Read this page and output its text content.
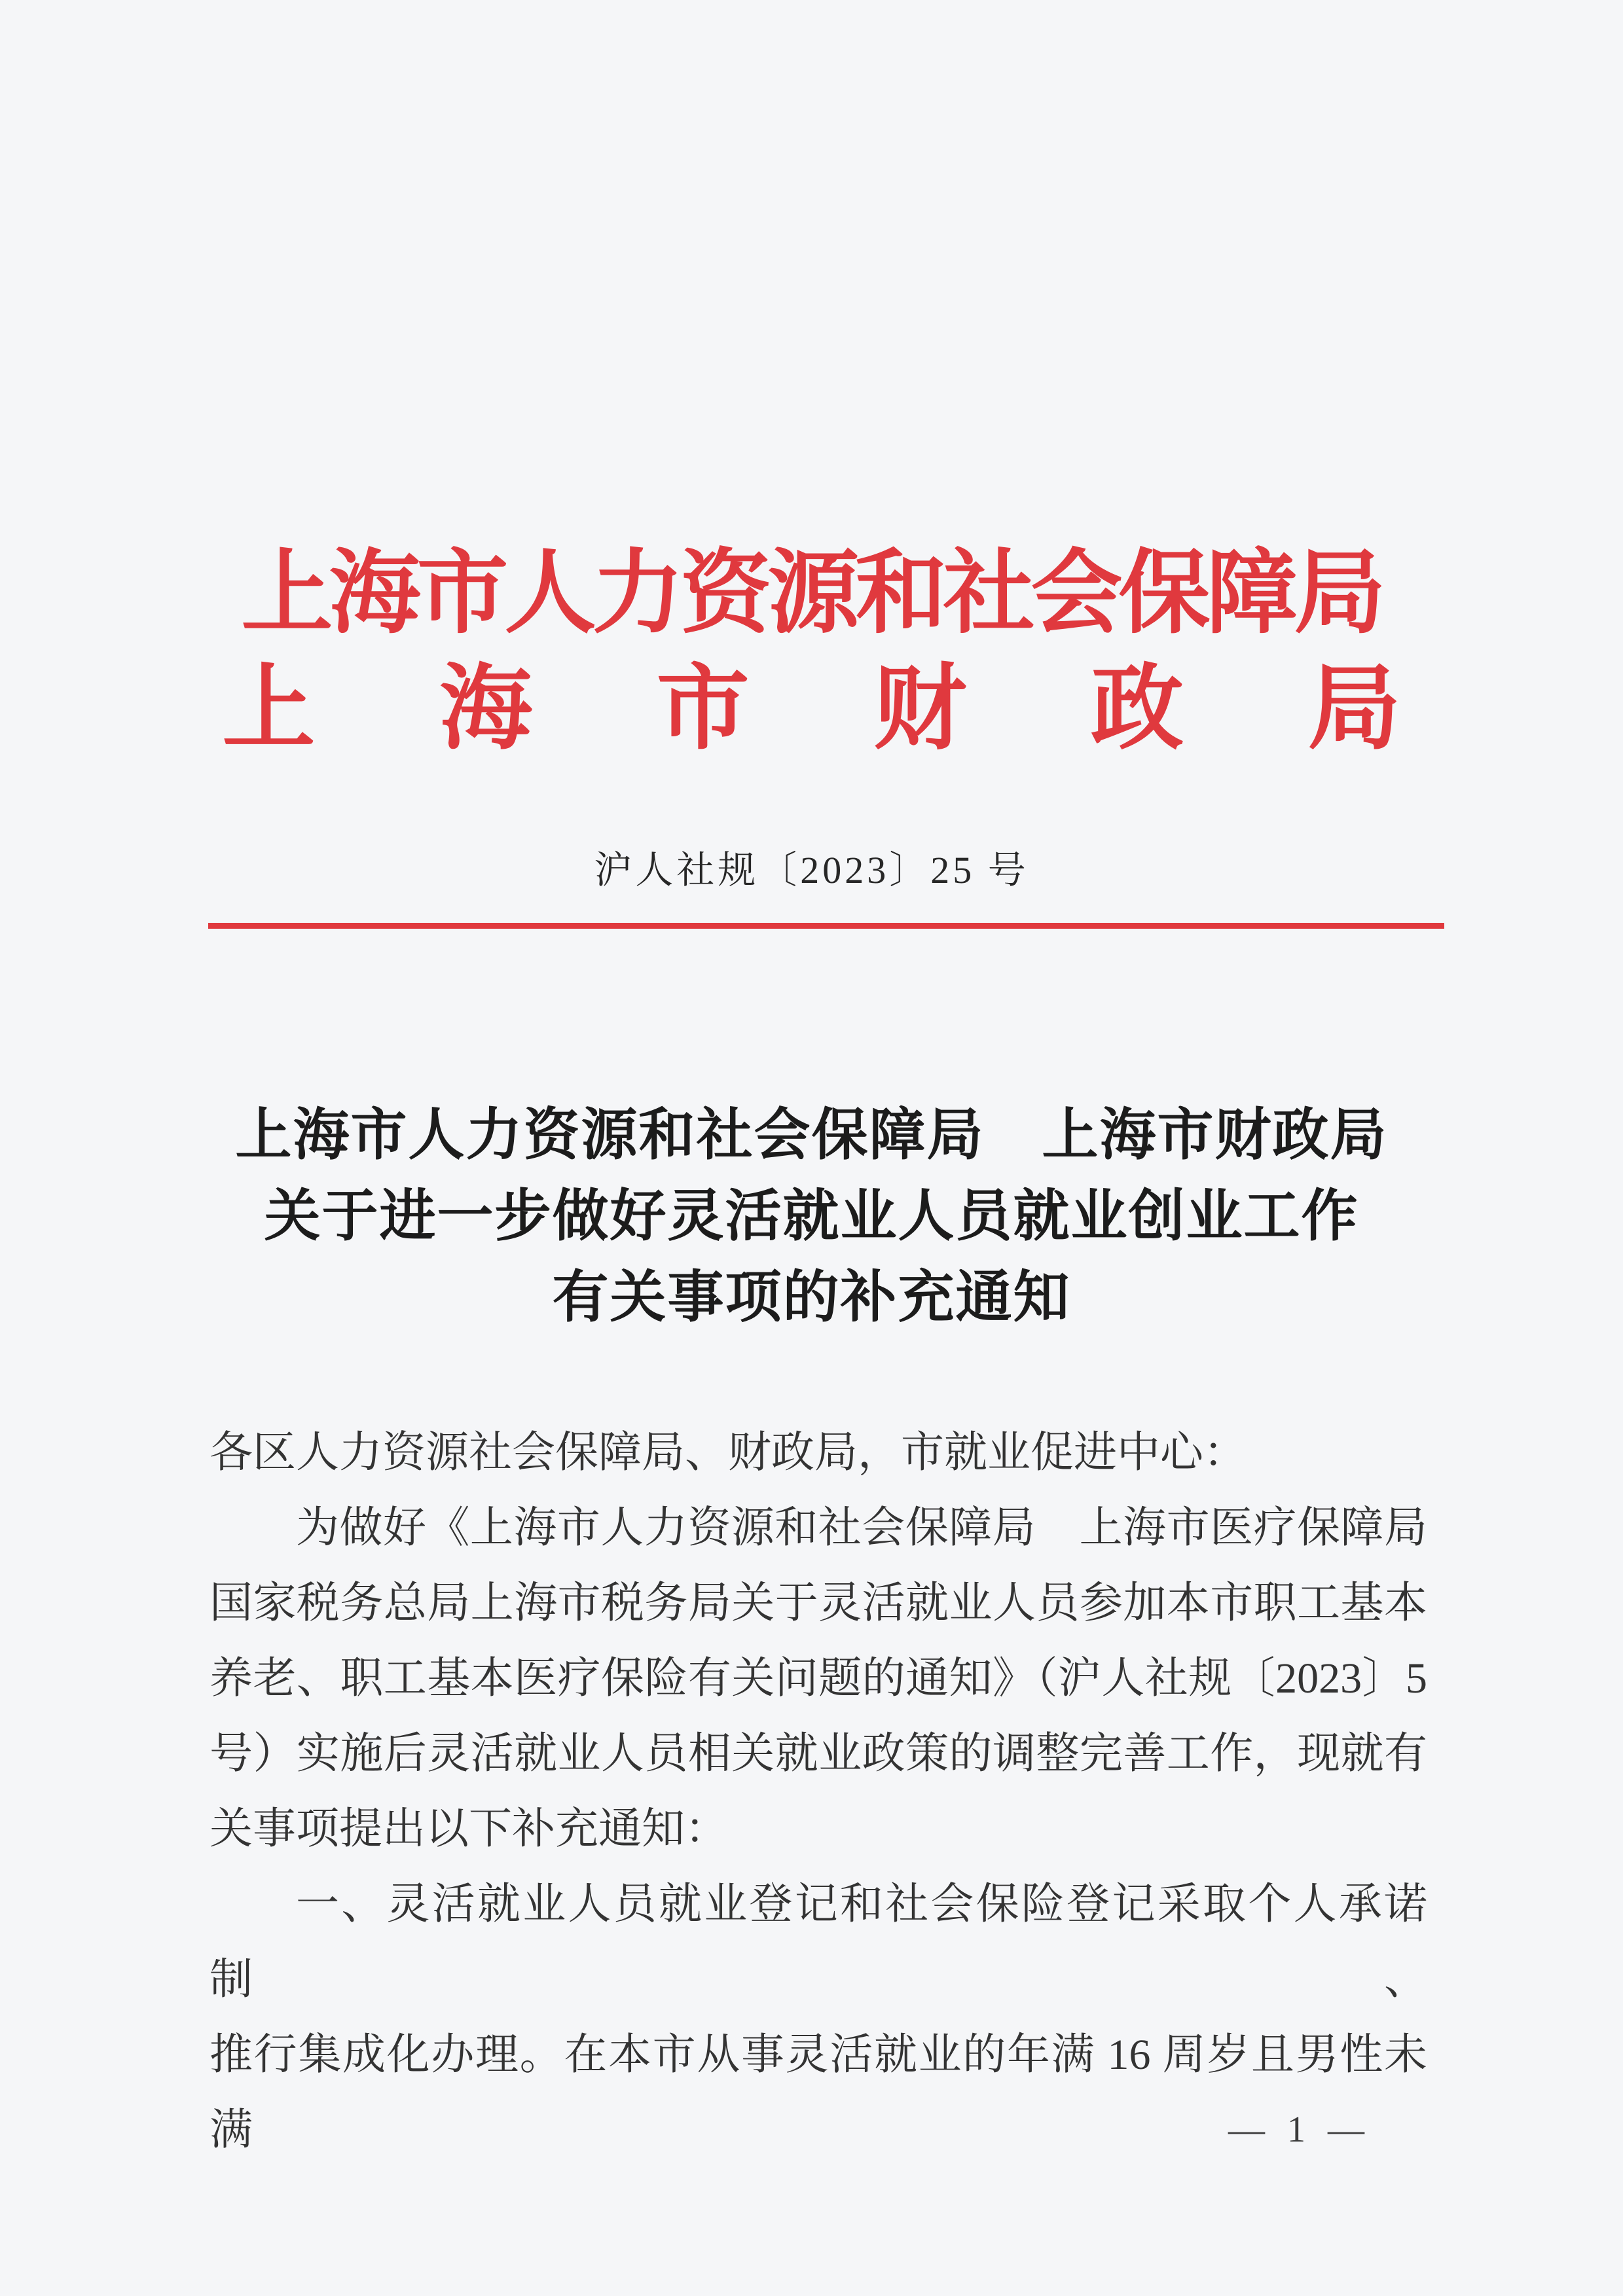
上海市人力资源和社会保障局
上海市财政局
沪人社规〔2023〕25 号
上海市人力资源和社会保障局　上海市财政局
关于进一步做好灵活就业人员就业创业工作
有关事项的补充通知

各区人力资源社会保障局、财政局，市就业促进中心：

为做好《上海市人力资源和社会保障局　上海市医疗保障局

国家税务总局上海市税务局关于灵活就业人员参加本市职工基本

养老、职工基本医疗保险有关问题的通知》（沪人社规〔2023〕5

号）实施后灵活就业人员相关就业政策的调整完善工作，现就有

关事项提出以下补充通知：

一、灵活就业人员就业登记和社会保险登记采取个人承诺制、

推行集成化办理。在本市从事灵活就业的年满 16 周岁且男性未满	— 1 —
